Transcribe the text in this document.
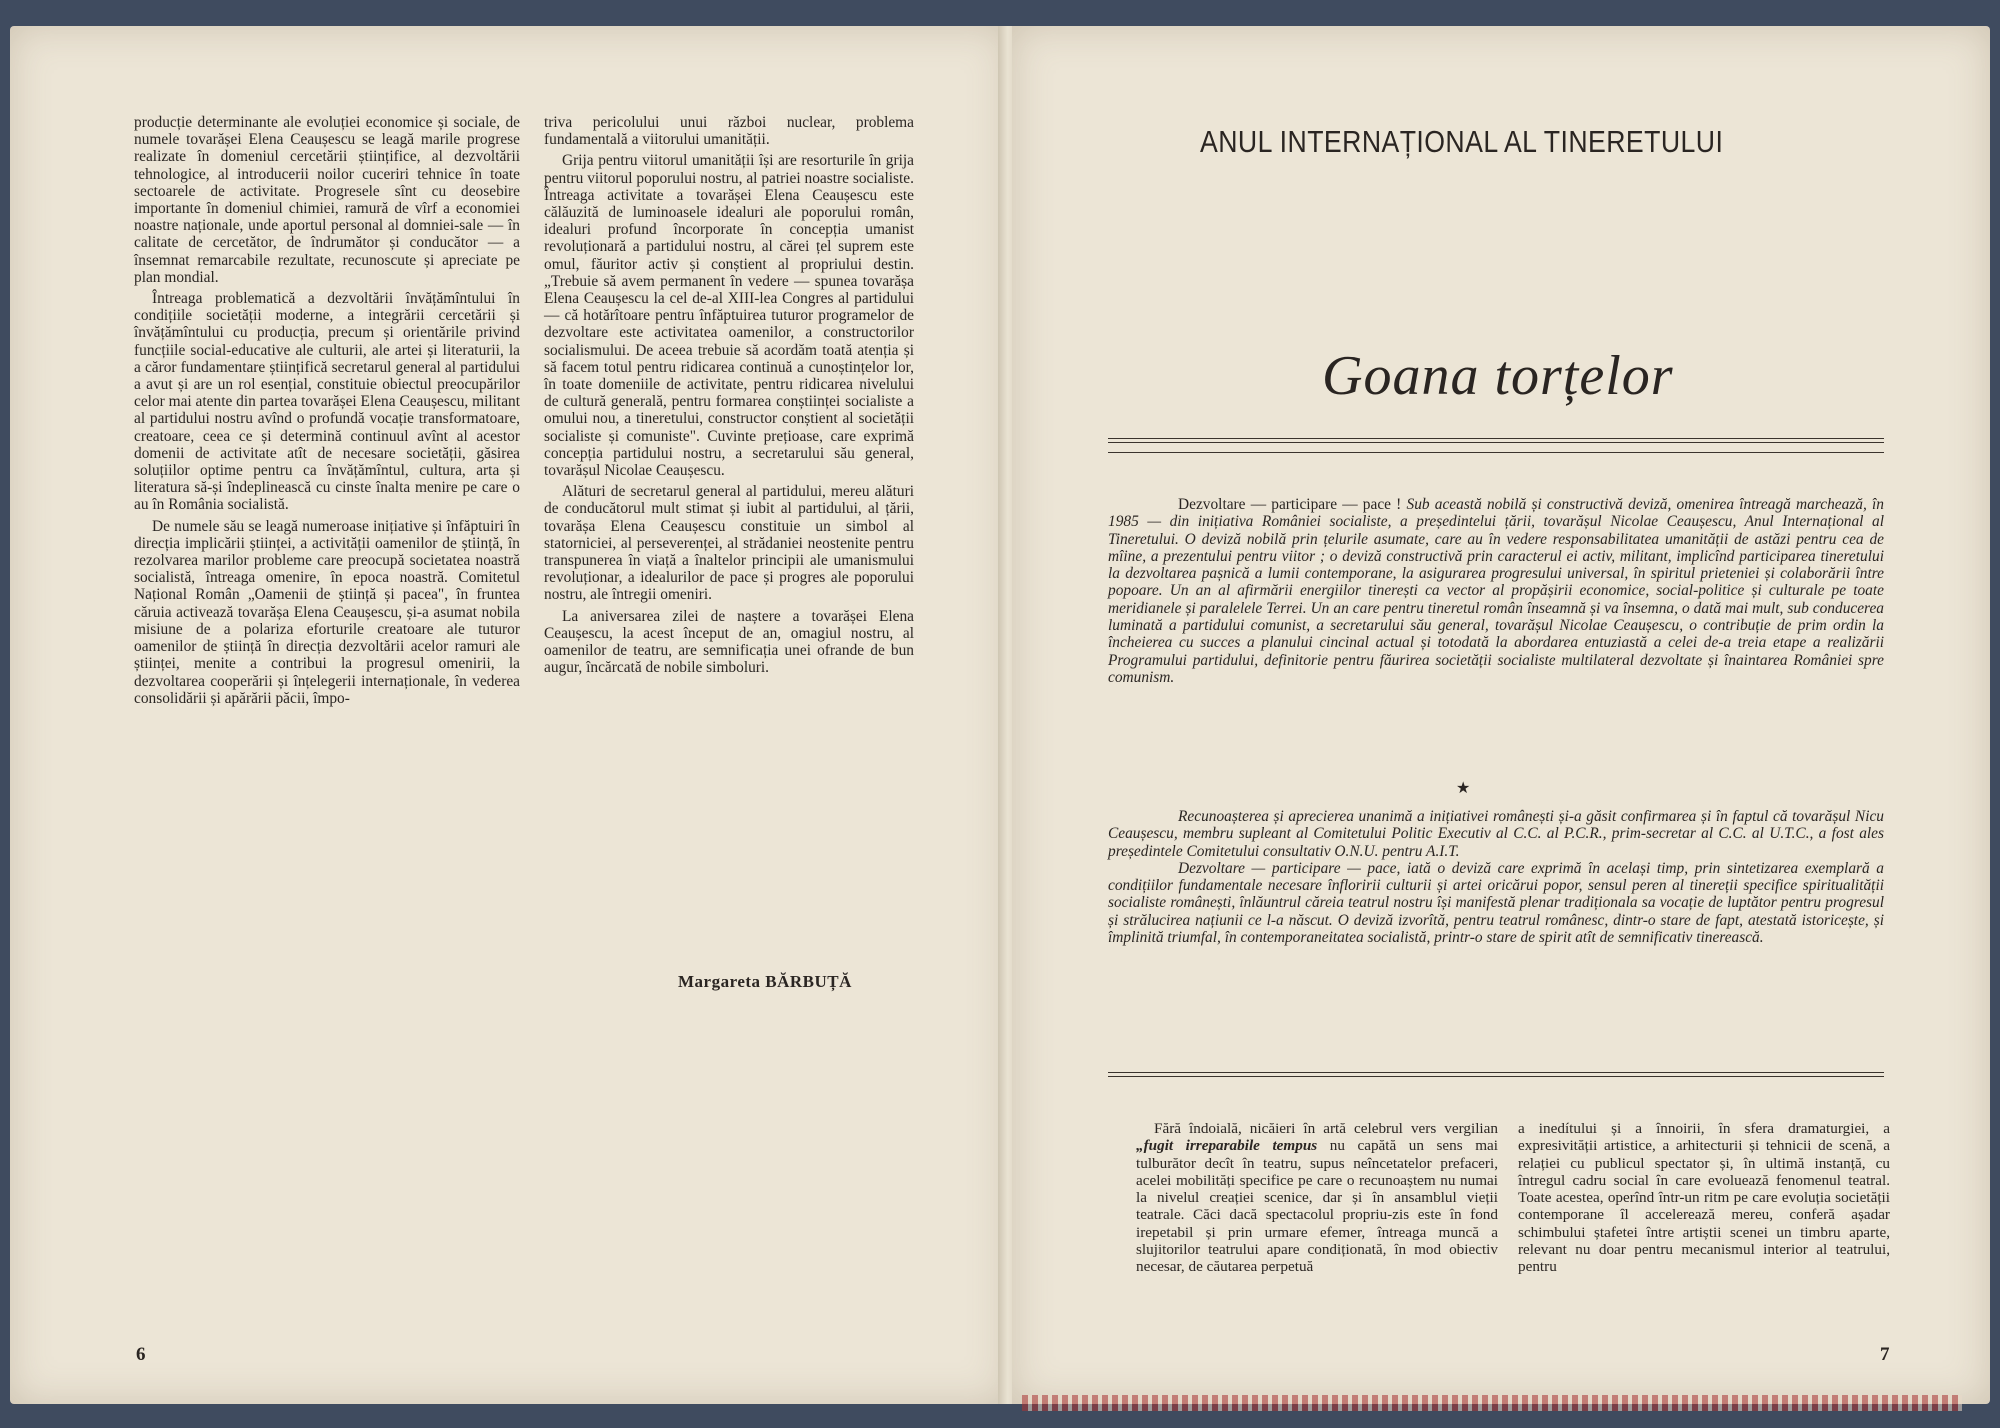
producție determinante ale evoluției economice și sociale, de numele tovarășei Elena Ceaușescu se leagă marile progrese realizate în domeniul cercetării științifice, al dezvoltării tehnologice, al introducerii noilor cuceriri tehnice în toate sectoarele de activitate. Progresele sînt cu deosebire importante în domeniul chimiei, ramură de vîrf a economiei noastre naționale, unde aportul personal al domniei-sale — în calitate de cercetător, de îndrumător și conducător — a însemnat remarcabile rezultate, recunoscute și apreciate pe plan mondial.

Întreaga problematică a dezvoltării învățămîntului în condițiile societății moderne, a integrării cercetării și învățămîntului cu producția, precum și orientările privind funcțiile social-educative ale culturii, ale artei și literaturii, la a căror fundamentare științifică secretarul general al partidului a avut și are un rol esențial, constituie obiectul preocupărilor celor mai atente din partea tovarășei Elena Ceaușescu, militant al partidului nostru avînd o profundă vocație transformatoare, creatoare, ceea ce și determină continuul avînt al acestor domenii de activitate atît de necesare societății, găsirea soluțiilor optime pentru ca învățămîntul, cultura, arta și literatura să-și îndeplinească cu cinste înalta menire pe care o au în România socialistă.

De numele său se leagă numeroase inițiative și înfăptuiri în direcția implicării științei, a activității oamenilor de știință, în rezolvarea marilor probleme care preocupă societatea noastră socialistă, întreaga omenire, în epoca noastră. Comitetul Național Român „Oamenii de știință și pacea", în fruntea căruia activează tovarășa Elena Ceaușescu, și-a asumat nobila misiune de a polariza eforturile creatoare ale tuturor oamenilor de știință în direcția dezvoltării acelor ramuri ale științei, menite a contribui la progresul omenirii, la dezvoltarea cooperării și înțelegerii internaționale, în vederea consolidării și apărării păcii, împo-

triva pericolului unui război nuclear, problema fundamentală a viitorului umanității.

Grija pentru viitorul umanității își are resorturile în grija pentru viitorul poporului nostru, al patriei noastre socialiste. Întreaga activitate a tovarășei Elena Ceaușescu este călăuzită de luminoasele idealuri ale poporului român, idealuri profund încorporate în concepția umanist revoluționară a partidului nostru, al cărei țel suprem este omul, făuritor activ și conștient al propriului destin. „Trebuie să avem permanent în vedere — spunea tovarășa Elena Ceaușescu la cel de-al XIII-lea Congres al partidului — că hotărîtoare pentru înfăptuirea tuturor programelor de dezvoltare este activitatea oamenilor, a constructorilor socialismului. De aceea trebuie să acordăm toată atenția și să facem totul pentru ridicarea continuă a cunoștințelor lor, în toate domeniile de activitate, pentru ridicarea nivelului de cultură generală, pentru formarea conștiinței socialiste a omului nou, a tineretului, constructor conștient al societății socialiste și comuniste". Cuvinte prețioase, care exprimă concepția partidului nostru, a secretarului său general, tovarășul Nicolae Ceaușescu.

Alături de secretarul general al partidului, mereu alături de conducătorul mult stimat și iubit al partidului, al țării, tovarășa Elena Ceaușescu constituie un simbol al statorniciei, al perseverenței, al strădaniei neostenite pentru transpunerea în viață a înaltelor principii ale umanismului revoluționar, a idealurilor de pace și progres ale poporului nostru, ale întregii omeniri.

La aniversarea zilei de naștere a tovarășei Elena Ceaușescu, la acest început de an, omagiul nostru, al oamenilor de teatru, are semnificația unei ofrande de bun augur, încărcată de nobile simboluri.

Margareta BĂRBUȚĂ
6
ANUL INTERNAȚIONAL AL TINERETULUI
Goana torțelor

Dezvoltare — participare — pace ! Sub această nobilă și constructivă deviză, omenirea întreagă marchează, în 1985 — din inițiativa României socialiste, a președintelui țării, tovarășul Nicolae Ceaușescu, Anul Internațional al Tineretului. O deviză nobilă prin țelurile asumate, care au în vedere responsabilitatea umanității de astăzi pentru cea de mîine, a prezentului pentru viitor ; o deviză constructivă prin caracterul ei activ, militant, implicînd participarea tineretului la dezvoltarea pașnică a lumii contemporane, la asigurarea progresului universal, în spiritul prieteniei și colaborării între popoare. Un an al afirmării energiilor tinerești ca vector al propășirii economice, social-politice și culturale pe toate meridianele și paralelele Terrei. Un an care pentru tineretul român înseamnă și va însemna, o dată mai mult, sub conducerea luminată a partidului comunist, a secretarului său general, tovarășul Nicolae Ceaușescu, o contribuție de prim ordin la încheierea cu succes a planului cincinal actual și totodată la abordarea entuziastă a celei de-a treia etape a realizării Programului partidului, definitorie pentru făurirea societății socialiste multilateral dezvoltate și înaintarea României spre comunism.

★

Recunoașterea și aprecierea unanimă a inițiativei românești și-a găsit confirmarea și în faptul că tovarășul Nicu Ceaușescu, membru supleant al Comitetului Politic Executiv al C.C. al P.C.R., prim-secretar al C.C. al U.T.C., a fost ales președintele Comitetului consultativ O.N.U. pentru A.I.T.

Dezvoltare — participare — pace, iată o deviză care exprimă în același timp, prin sintetizarea exemplară a condițiilor fundamentale necesare înfloririi culturii și artei oricărui popor, sensul peren al tinereții specifice spiritualității socialiste românești, înlăuntrul căreia teatrul nostru își manifestă plenar tradiționala sa vocație de luptător pentru progresul și strălucirea națiunii ce l-a născut. O deviză izvorîtă, pentru teatrul românesc, dintr-o stare de fapt, atestată istoricește, și împlinită triumfal, în contemporaneitatea socialistă, printr-o stare de spirit atît de semnificativ tinerească.

Fără îndoială, nicăieri în artă celebrul vers vergilian „fugit irreparabile tempus nu capătă un sens mai tulburător decît în teatru, supus neîncetatelor prefaceri, acelei mobilități specifice pe care o recunoaștem nu numai la nivelul creației scenice, dar și în ansamblul vieții teatrale. Căci dacă spectacolul propriu-zis este în fond irepetabil și prin urmare efemer, întreaga muncă a slujitorilor teatrului apare condiționată, în mod obiectiv necesar, de căutarea perpetuă

a inedítului și a înnoirii, în sfera dramaturgiei, a expresivității artistice, a arhitecturii și tehnicii de scenă, a relației cu publicul spectator și, în ultimă instanță, cu întregul cadru social în care evoluează fenomenul teatral. Toate acestea, operînd într-un ritm pe care evoluția societății contemporane îl accelerează mereu, conferă așadar schimbului ștafetei între artiștii scenei un timbru aparte, relevant nu doar pentru mecanismul interior al teatrului, pentru

7
